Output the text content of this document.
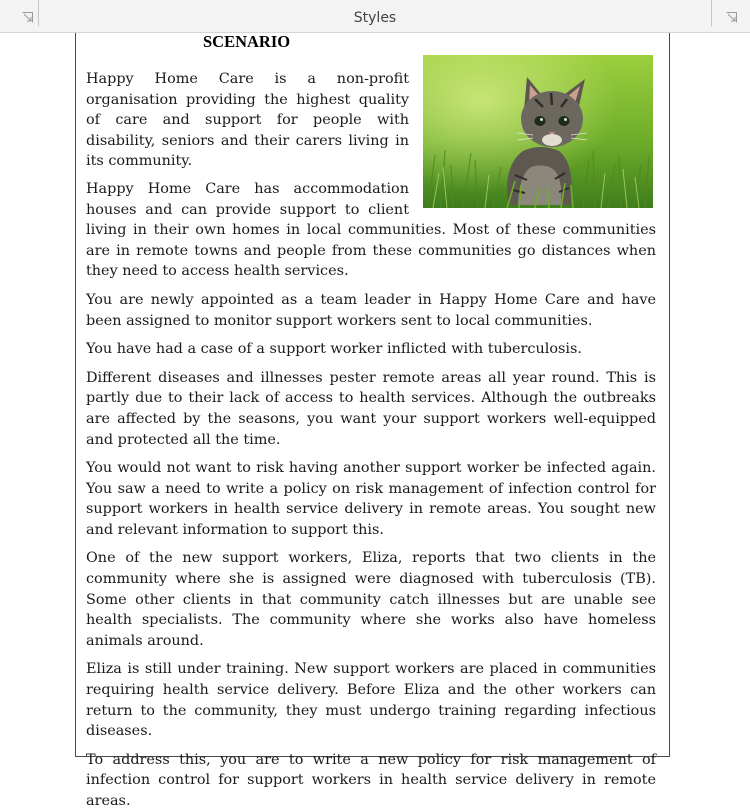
Styles

SCENARIO

Happy Home Care is a non-profit organisation providing the highest quality of care and support for people with disability, seniors and their carers living in its community.

Happy Home Care has accommodation houses and can provide support to client living in their own homes in local communities. Most of these communities are in remote towns and people from these communities go distances when they need to access health services.

You are newly appointed as a team leader in Happy Home Care and have been assigned to monitor support workers sent to local communities.

You have had a case of a support worker inflicted with tuberculosis.

Different diseases and illnesses pester remote areas all year round. This is partly due to their lack of access to health services. Although the outbreaks are affected by the seasons, you want your support workers well-equipped and protected all the time.

You would not want to risk having another support worker be infected again. You saw a need to write a policy on risk management of infection control for support workers in health service delivery in remote areas. You sought new and relevant information to support this.

One of the new support workers, Eliza, reports that two clients in the community where she is assigned were diagnosed with tuberculosis (TB). Some other clients in that community catch illnesses but are unable see health specialists. The community where she works also have homeless animals around.

Eliza is still under training. New support workers are placed in communities requiring health service delivery. Before Eliza and the other workers can return to the community, they must undergo training regarding infectious diseases.

To address this, you are to write a new policy for risk management of infection control for support workers in health service delivery in remote areas.
